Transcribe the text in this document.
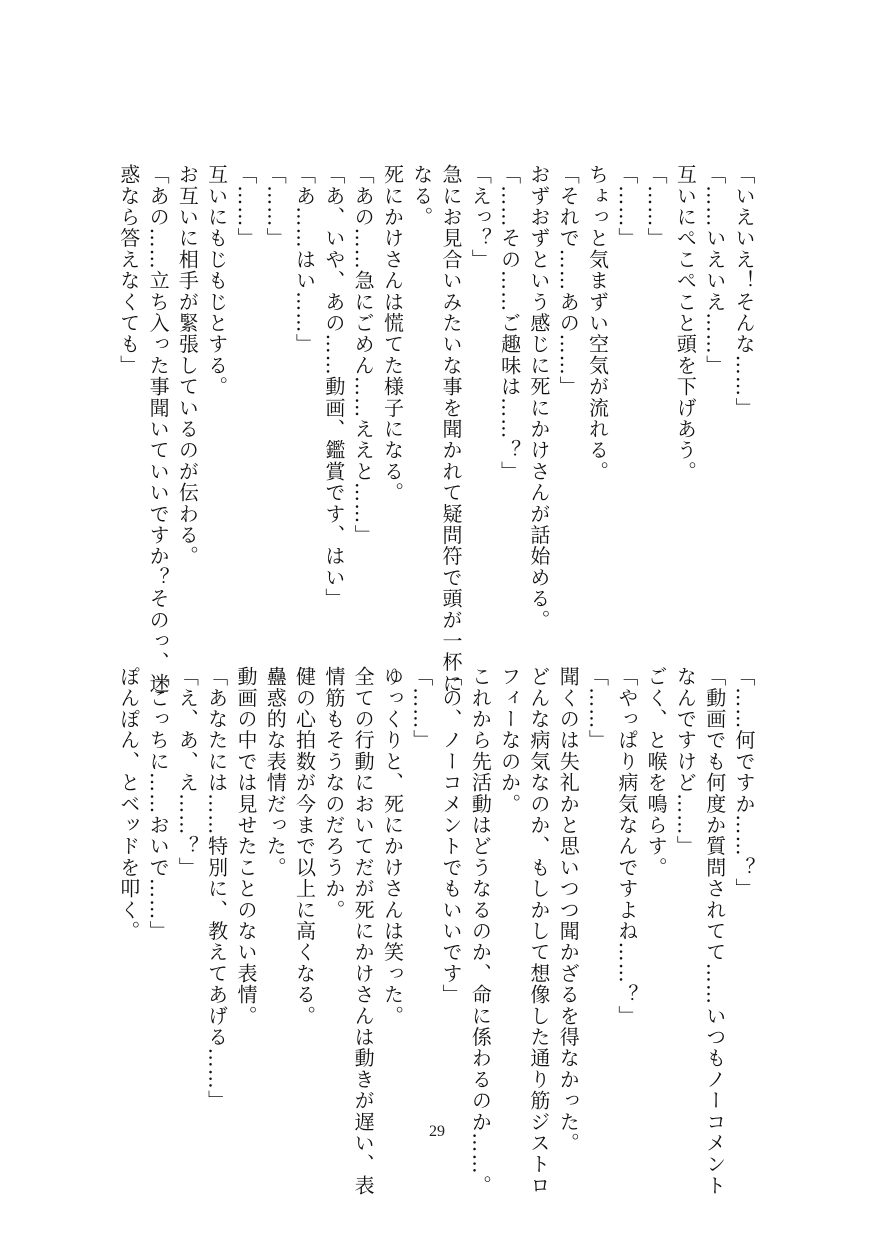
「いえいえ！そんな……」
「……いえいえ……」
互いにぺこぺこと頭を下げあう。
「……」
「……」
ちょっと気まずい空気が流れる。
「それで……あの……」
おずおずという感じに死にかけさんが話始める。
「……その……ご趣味は……？」
「えっ？」
急にお見合いみたいな事を聞かれて疑問符で頭が一杯に
なる。
死にかけさんは慌てた様子になる。
「あの……急にごめん……ええと……」
「あ、いや、あの……動画、鑑賞です、はい」
「あ……はい……」
「……」
「……」
互いにもじもじとする。
お互いに相手が緊張しているのが伝わる。
「あの……立ち入った事聞いていいですか？そのっ、迷
惑なら答えなくても」
「……何ですか……？」
「動画でも何度か質問されてて……いつもノーコメント
なんですけど……」
ごく、と喉を鳴らす。
「やっぱり病気なんですよね……？」
「……」
聞くのは失礼かと思いつつ聞かざるを得なかった。
どんな病気なのか、もしかして想像した通り筋ジストロ
フィーなのか。
これから先活動はどうなるのか、命に係わるのか……。
「の、ノーコメントでもいいです」
「……」
ゆっくりと、死にかけさんは笑った。
全ての行動においてだが死にかけさんは動きが遅い、表
情筋もそうなのだろうか。
健の心拍数が今まで以上に高くなる。
蠱惑的な表情だった。
動画の中では見せたことのない表情。
「あなたには……特別に、教えてあげる……」
「え、あ、え……？」
「こっちに……おいで……」
ぽんぽん、とベッドを叩く。
29
